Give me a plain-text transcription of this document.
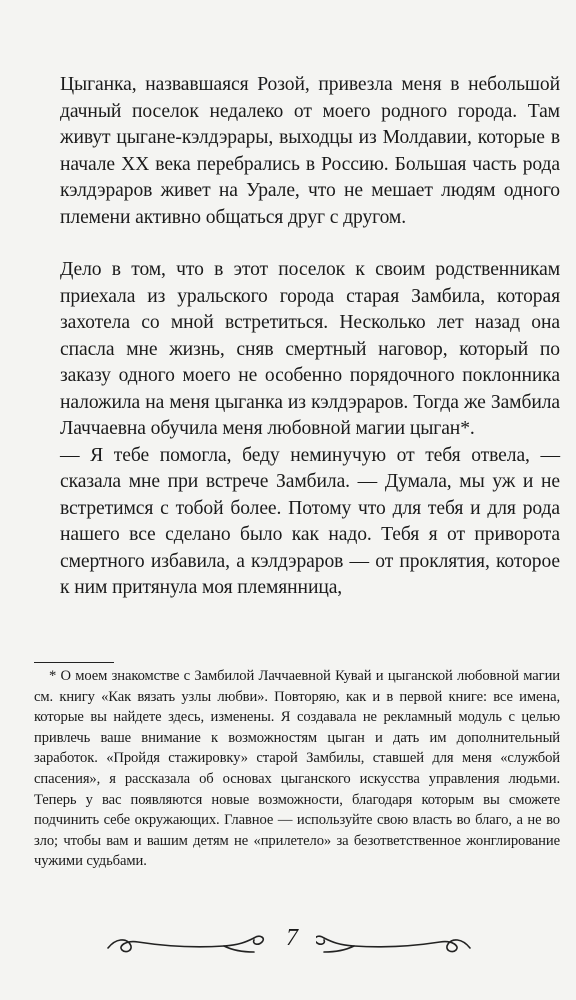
Цыганка, назвавшаяся Розой, привезла меня в небольшой дачный поселок недалеко от моего родного города. Там живут цыгане-кэлдэрары, выходцы из Молдавии, которые в начале XX века перебрались в Россию. Большая часть рода кэлдэраров живет на Урале, что не мешает людям одного племени активно общаться друг с другом.

Дело в том, что в этот поселок к своим родственникам приехала из уральского города старая Замбила, которая захотела со мной встретиться. Несколько лет назад она спасла мне жизнь, сняв смертный наговор, который по заказу одного моего не особенно порядочного поклонника наложила на меня цыганка из кэлдэраров. Тогда же Замбила Лаччаевна обучила меня любовной магии цыган*.

— Я тебе помогла, беду неминучую от тебя отвела, — сказала мне при встрече Замбила. — Думала, мы уж и не встретимся с тобой более. Потому что для тебя и для рода нашего все сделано было как надо. Тебя я от приворота смертного избавила, а кэлдэраров — от проклятия, которое к ним притянула моя племянница,

* О моем знакомстве с Замбилой Лаччаевной Кувай и цыганской любовной магии см. книгу «Как вязать узлы любви». Повторяю, как и в первой книге: все имена, которые вы найдете здесь, изменены. Я создавала не рекламный модуль с целью привлечь ваше внимание к возможностям цыган и дать им дополнительный заработок. «Пройдя стажировку» старой Замбилы, ставшей для меня «службой спасения», я рассказала об основах цыганского искусства управления людьми. Теперь у вас появляются новые возможности, благодаря которым вы сможете подчинить себе окружающих. Главное — используйте свою власть во благо, а не во зло; чтобы вам и вашим детям не «прилетело» за безответственное жонглирование чужими судьбами.

7
